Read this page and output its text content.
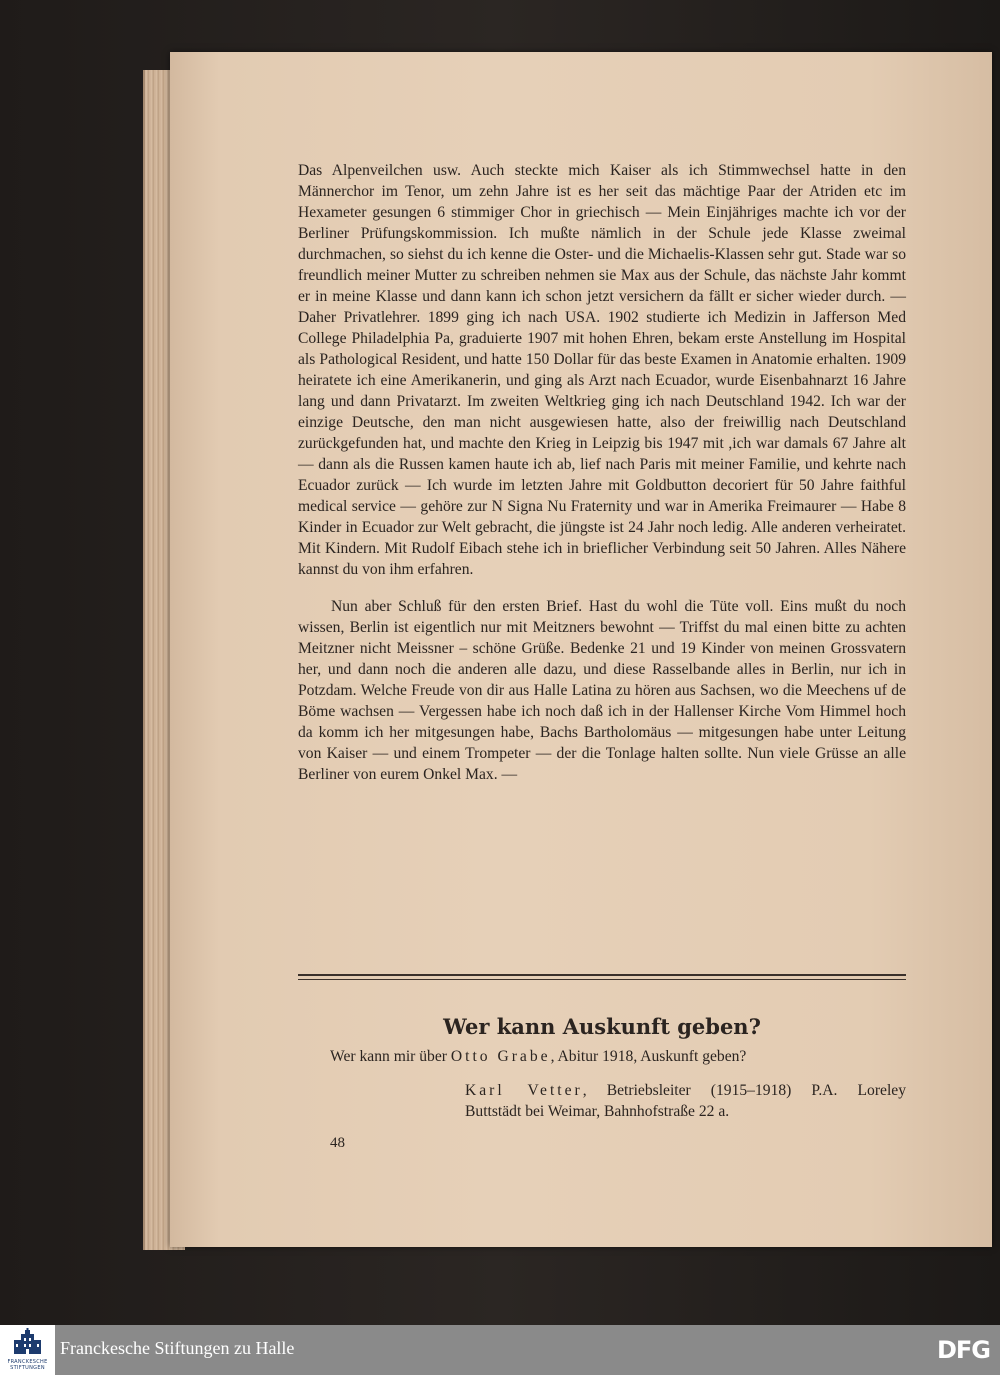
Das Alpenveilchen usw. Auch steckte mich Kaiser als ich Stimmwechsel hatte in den Männerchor im Tenor, um zehn Jahre ist es her seit das mächtige Paar der Atriden etc im Hexameter gesungen 6 stimmiger Chor in griechisch — Mein Einjähriges machte ich vor der Berliner Prüfungskommission. Ich mußte nämlich in der Schule jede Klasse zweimal durchmachen, so siehst du ich kenne die Oster- und die Michaelis-Klassen sehr gut. Stade war so freundlich meiner Mutter zu schreiben nehmen sie Max aus der Schule, das nächste Jahr kommt er in meine Klasse und dann kann ich schon jetzt versichern da fällt er sicher wieder durch. — Daher Privatlehrer. 1899 ging ich nach USA. 1902 studierte ich Medizin in Jafferson Med College Philadelphia Pa, graduierte 1907 mit hohen Ehren, bekam erste Anstellung im Hospital als Pathological Resident, und hatte 150 Dollar für das beste Examen in Anatomie erhalten. 1909 heiratete ich eine Amerikanerin, und ging als Arzt nach Ecuador, wurde Eisenbahnarzt 16 Jahre lang und dann Privatarzt. Im zweiten Weltkrieg ging ich nach Deutschland 1942. Ich war der einzige Deutsche, den man nicht ausgewiesen hatte, also der freiwillig nach Deutschland zurückgefunden hat, und machte den Krieg in Leipzig bis 1947 mit ,ich war damals 67 Jahre alt — dann als die Russen kamen haute ich ab, lief nach Paris mit meiner Familie, und kehrte nach Ecuador zurück — Ich wurde im letzten Jahre mit Goldbutton decoriert für 50 Jahre faithful medical service — gehöre zur N Signa Nu Fraternity und war in Amerika Freimaurer — Habe 8 Kinder in Ecuador zur Welt gebracht, die jüngste ist 24 Jahr noch ledig. Alle anderen verheiratet. Mit Kindern. Mit Rudolf Eibach stehe ich in brieflicher Verbindung seit 50 Jahren. Alles Nähere kannst du von ihm erfahren.

Nun aber Schluß für den ersten Brief. Hast du wohl die Tüte voll. Eins mußt du noch wissen, Berlin ist eigentlich nur mit Meitzners bewohnt — Triffst du mal einen bitte zu achten Meitzner nicht Meissner – schöne Grüße. Bedenke 21 und 19 Kinder von meinen Grossvatern her, und dann noch die anderen alle dazu, und diese Rasselbande alles in Berlin, nur ich in Potzdam. Welche Freude von dir aus Halle Latina zu hören aus Sachsen, wo die Meechens uf de Böme wachsen — Vergessen habe ich noch daß ich in der Hallenser Kirche Vom Himmel hoch da komm ich her mitgesungen habe, Bachs Bartholomäus — mitgesungen habe unter Leitung von Kaiser — und einem Trompeter — der die Tonlage halten sollte. Nun viele Grüsse an alle Berliner von eurem Onkel Max. —

Wer kann Auskunft geben?
Wer kann mir über Otto Grabe, Abitur 1918, Auskunft geben?
Karl Vetter, Betriebsleiter (1915–1918) P.A. Loreley
Buttstädt bei Weimar, Bahnhofstraße 22 a.
48
FRANCKESCHE STIFTUNGEN
Franckesche Stiftungen zu Halle	DFG
